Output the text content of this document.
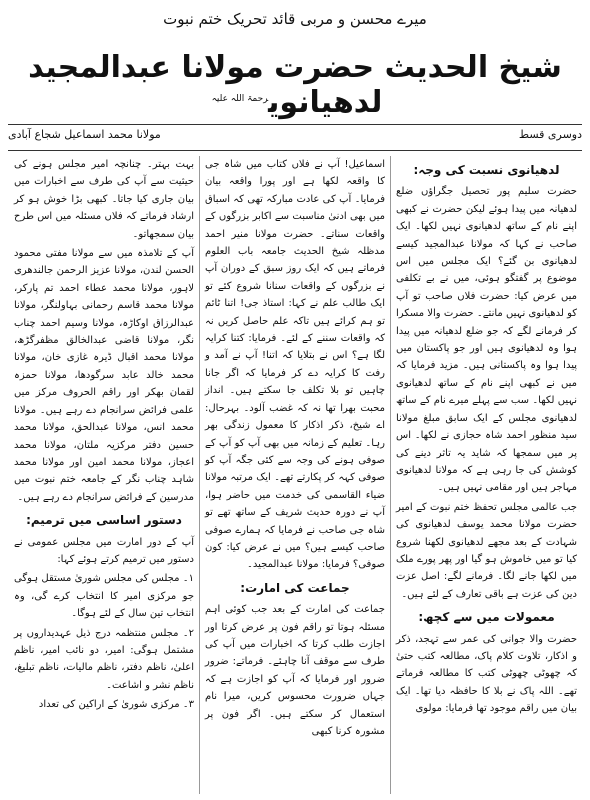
میرے محسن و مربی قائد تحریک ختم نبوت
شیخ الحدیث حضرت مولانا عبدالمجید لدھیانوی$^{رحمۃ اللہ علیہ}$
مولانا محمد اسماعیل شجاع آبادی	دوسری قسط
لدھیانوی نسبت کی وجہ:

حضرت سلیم پور تحصیل جگراؤں ضلع لدھیانہ میں پیدا ہوئے لیکن حضرت نے کبھی اپنے نام کے ساتھ لدھیانوی نہیں لکھا۔ ایک صاحب نے کہا کہ مولانا عبدالمجید کیسے لدھیانوی بن گئے؟ ایک مجلس میں اس موضوع پر گفتگو ہوئی، میں نے بے تکلفی میں عرض کیا: حضرت فلاں صاحب تو آپ کو لدھیانوی نہیں مانتے۔ حضرت والا مسکرا کر فرمانے لگے کہ جو ضلع لدھیانہ میں پیدا ہوا وہ لدھیانوی ہیں اور جو پاکستان میں پیدا ہوا وہ پاکستانی ہیں۔ مزید فرمایا کہ میں نے کبھی اپنے نام کے ساتھ لدھیانوی نہیں لکھا۔ سب سے پہلے میرے نام کے ساتھ لدھیانوی مجلس کے ایک سابق مبلغ مولانا سید منظور احمد شاہ حجازی نے لکھا۔ اس پر میں سمجھا کہ شاید یہ تاثر دینے کی کوشش کی جا رہی ہے کہ مولانا لدھیانوی مہاجر ہیں اور مقامی نہیں ہیں۔

جب عالمی مجلس تحفظ ختم نبوت کے امیر حضرت مولانا محمد یوسف لدھیانوی کی شہادت کے بعد مجھے لدھیانوی لکھنا شروع کیا تو میں خاموش ہو گیا اور پھر پورے ملک میں لکھا جانے لگا۔ فرمانے لگے: اصل عزت دین کی عزت ہے باقی تعارف کے لئے ہیں۔

معمولات میں سے کچھ:

حضرت والا جوانی کی عمر سے تہجد، ذکر و اذکار، تلاوت کلام پاک، مطالعہ کتب حتیٰ کہ چھوٹی چھوٹی کتب کا مطالعہ فرماتے تھے۔ اللہ پاک نے بلا کا حافظہ دیا تھا۔ ایک بیان میں راقم موجود تھا فرمایا: مولوی

اسماعیل! آپ نے فلاں کتاب میں شاہ جی کا واقعہ لکھا ہے اور پورا واقعہ بیان فرمایا۔ آپ کی عادت مبارکہ تھی کہ اسباق میں بھی ادنیٰ مناسبت سے اکابر بزرگوں کے واقعات سناتے۔ حضرت مولانا منیر احمد مدظلہ شیخ الحدیث جامعہ باب العلوم فرماتے ہیں کہ ایک روز سبق کے دوران آپ نے بزرگوں کے واقعات سنانا شروع کئے تو ایک طالب علم نے کہا: استاذ جی! اتنا ٹائم تو ہم کرائے ہیں تاکہ علم حاصل کریں نہ کہ واقعات سننے کے لئے۔ فرمایا: کتنا کرایہ لگا ہے؟ اس نے بتلایا کہ اتنا! آپ نے آمد و رفت کا کرایہ دے کر فرمایا کہ اگر جانا چاہیں تو بلا تکلف جا سکتے ہیں۔ انداز محبت بھرا تھا نہ کہ غضب آلود۔ بہرحال: اے شیخ، ذکر اذکار کا معمول زندگی بھر رہا۔ تعلیم کے زمانہ میں بھی آپ کو آپ کے صوفی ہونے کی وجہ سے کئی جگہ آپ کو صوفی کہہ کر پکارتے تھے۔ ایک مرتبہ مولانا ضیاء القاسمی کی خدمت میں حاضر ہوا، آپ نے دورہ حدیث شریف کے ساتھ تھے تو شاہ جی صاحب نے فرمایا کہ ہمارے صوفی صاحب کیسے ہیں؟ میں نے عرض کیا: کون صوفی؟ فرمایا: مولانا عبدالمجید۔

جماعت کی امارت:

جماعت کی امارت کے بعد جب کوئی اہم مسئلہ ہوتا تو راقم فون پر عرض کرتا اور اجازت طلب کرتا کہ اخبارات میں آپ کی طرف سے موقف آنا چاہئے۔ فرماتے: ضرور ضرور اور فرمایا کہ آپ کو اجازت ہے کہ جہاں ضرورت محسوس کریں، میرا نام استعمال کر سکتے ہیں۔ اگر فون پر مشورہ کرنا کبھی

بہت بہتر۔ چنانچہ امیر مجلس ہونے کی حیثیت سے آپ کی طرف سے اخبارات میں بیان جاری کیا جاتا۔ کبھی بڑا خوش ہو کر ارشاد فرماتے کہ فلاں مسئلہ میں اس طرح بیان سمجھاتو۔

آپ کے تلامذہ میں سے مولانا مفتی محمود الحسن لندن، مولانا عزیز الرحمن جالندھری لاہور، مولانا محمد عطاء احمد تم پارکر، مولانا محمد قاسم رحمانی بہاولنگر، مولانا عبدالرزاق اوکاڑہ، مولانا وسیم احمد چناب نگر، مولانا قاضی عبدالخالق مظفرگڑھ، مولانا محمد اقبال ڈیرہ غازی خان، مولانا محمد خالد عابد سرگودھا، مولانا حمزہ لقمان بھکر اور راقم الحروف مرکز میں علمی فرائض سرانجام دے رہے ہیں۔ مولانا محمد انس، مولانا عبدالحق، مولانا محمد حسین دفتر مرکزیہ ملتان، مولانا محمد اعجاز، مولانا محمد امین اور مولانا محمد شاہد چناب نگر کے جامعہ ختم نبوت میں مدرسین کے فرائض سرانجام دے رہے ہیں۔

دستور اساسی میں ترمیم:

آپ کے دور امارت میں مجلس عمومی نے دستور میں ترمیم کرتے ہوئے کہا:

۱۔ مجلس کی مجلس شوریٰ مستقل ہوگی جو مرکزی امیر کا انتخاب کرے گی، وہ انتخاب تین سال کے لئے ہوگا۔

۲۔ مجلس منتظمہ درج ذیل عہدیداروں پر مشتمل ہوگی: امیر، دو نائب امیر، ناظم اعلیٰ، ناظم دفتر، ناظم مالیات، ناظم تبلیغ، ناظم نشر و اشاعت۔

۳۔ مرکزی شوریٰ کے اراکین کی تعداد
